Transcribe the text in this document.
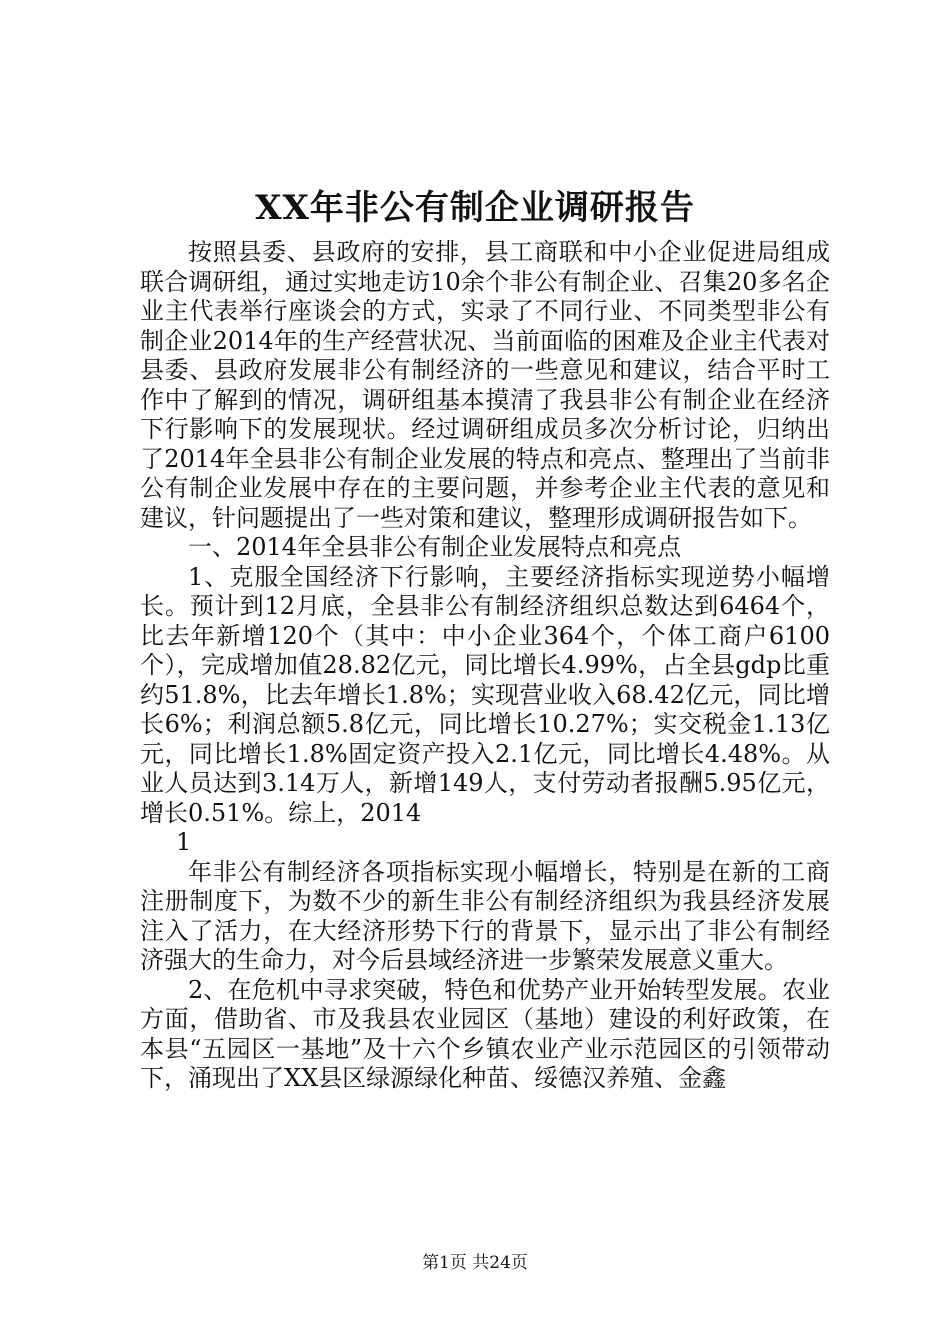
XX年非公有制企业调研报告

按照县委、县政府的安排，县工商联和中小企业促进局组成联合调研组，通过实地走访10余个非公有制企业、召集20多名企业主代表举行座谈会的方式，实录了不同行业、不同类型非公有制企业2014年的生产经营状况、当前面临的困难及企业主代表对县委、县政府发展非公有制经济的一些意见和建议，结合平时工作中了解到的情况，调研组基本摸清了我县非公有制企业在经济下行影响下的发展现状。经过调研组成员多次分析讨论，归纳出了2014年全县非公有制企业发展的特点和亮点、整理出了当前非公有制企业发展中存在的主要问题，并参考企业主代表的意见和建议，针问题提出了一些对策和建议，整理形成调研报告如下。

一、2014年全县非公有制企业发展特点和亮点

1、克服全国经济下行影响，主要经济指标实现逆势小幅增长。预计到12月底，全县非公有制经济组织总数达到6464个，比去年新增120个（其中：中小企业364个，个体工商户6100个），完成增加值28.82亿元，同比增长4.99%，占全县gdp比重约51.8%，比去年增长1.8%；实现营业收入68.42亿元，同比增长6%；利润总额5.8亿元，同比增长10.27%；实交税金1.13亿元，同比增长1.8%固定资产投入2.1亿元，同比增长4.48%。从业人员达到3.14万人，新增149人，支付劳动者报酬5.95亿元，增长0.51%。综上，2014

1

年非公有制经济各项指标实现小幅增长，特别是在新的工商注册制度下，为数不少的新生非公有制经济组织为我县经济发展注入了活力，在大经济形势下行的背景下，显示出了非公有制经济强大的生命力，对今后县域经济进一步繁荣发展意义重大。

2、在危机中寻求突破，特色和优势产业开始转型发展。农业方面，借助省、市及我县农业园区（基地）建设的利好政策，在本县“五园区一基地”及十六个乡镇农业产业示范园区的引领带动下，涌现出了XX县区绿源绿化种苗、绥德汉养殖、金鑫

第1页 共24页
